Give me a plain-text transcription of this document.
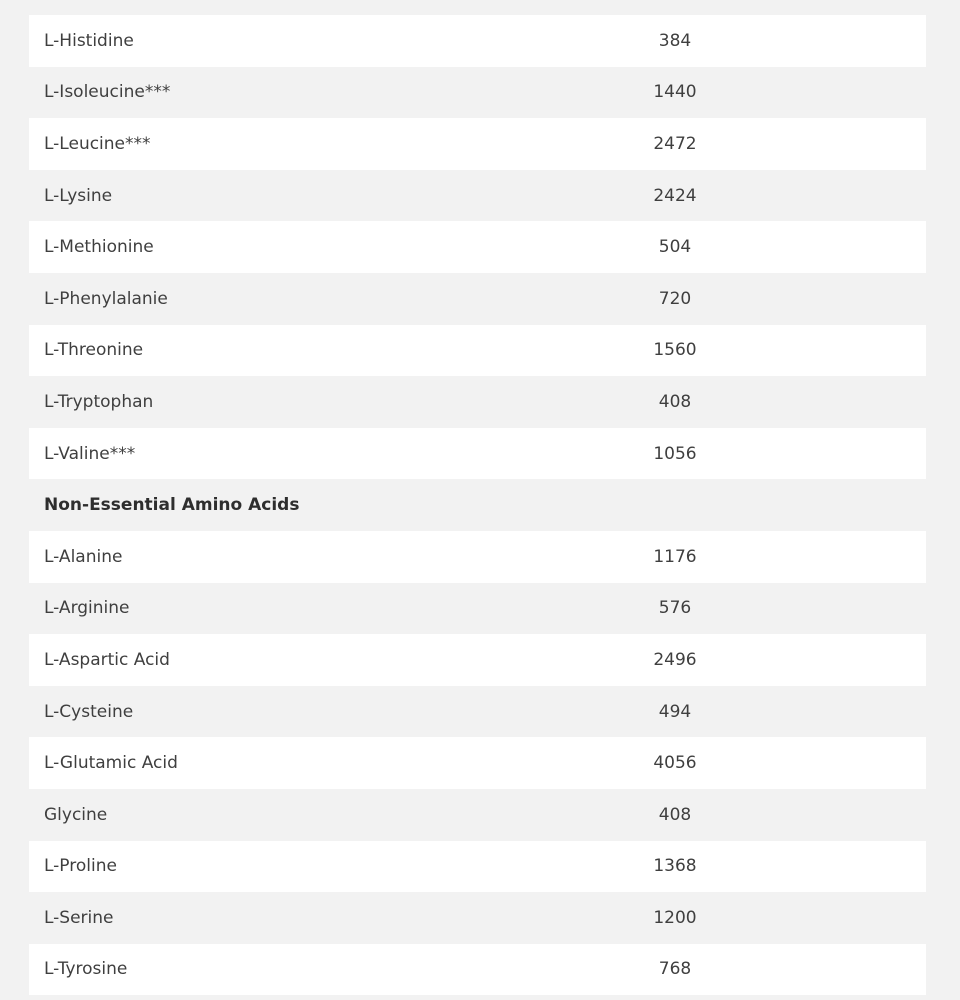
L-Histidine	384
L-Isoleucine***	1440
L-Leucine***	2472
L-Lysine	2424
L-Methionine	504
L-Phenylalanie	720
L-Threonine	1560
L-Tryptophan	408
L-Valine***	1056
Non-Essential Amino Acids
L-Alanine	1176
L-Arginine	576
L-Aspartic Acid	2496
L-Cysteine	494
L-Glutamic Acid	4056
Glycine	408
L-Proline	1368
L-Serine	1200
L-Tyrosine	768
